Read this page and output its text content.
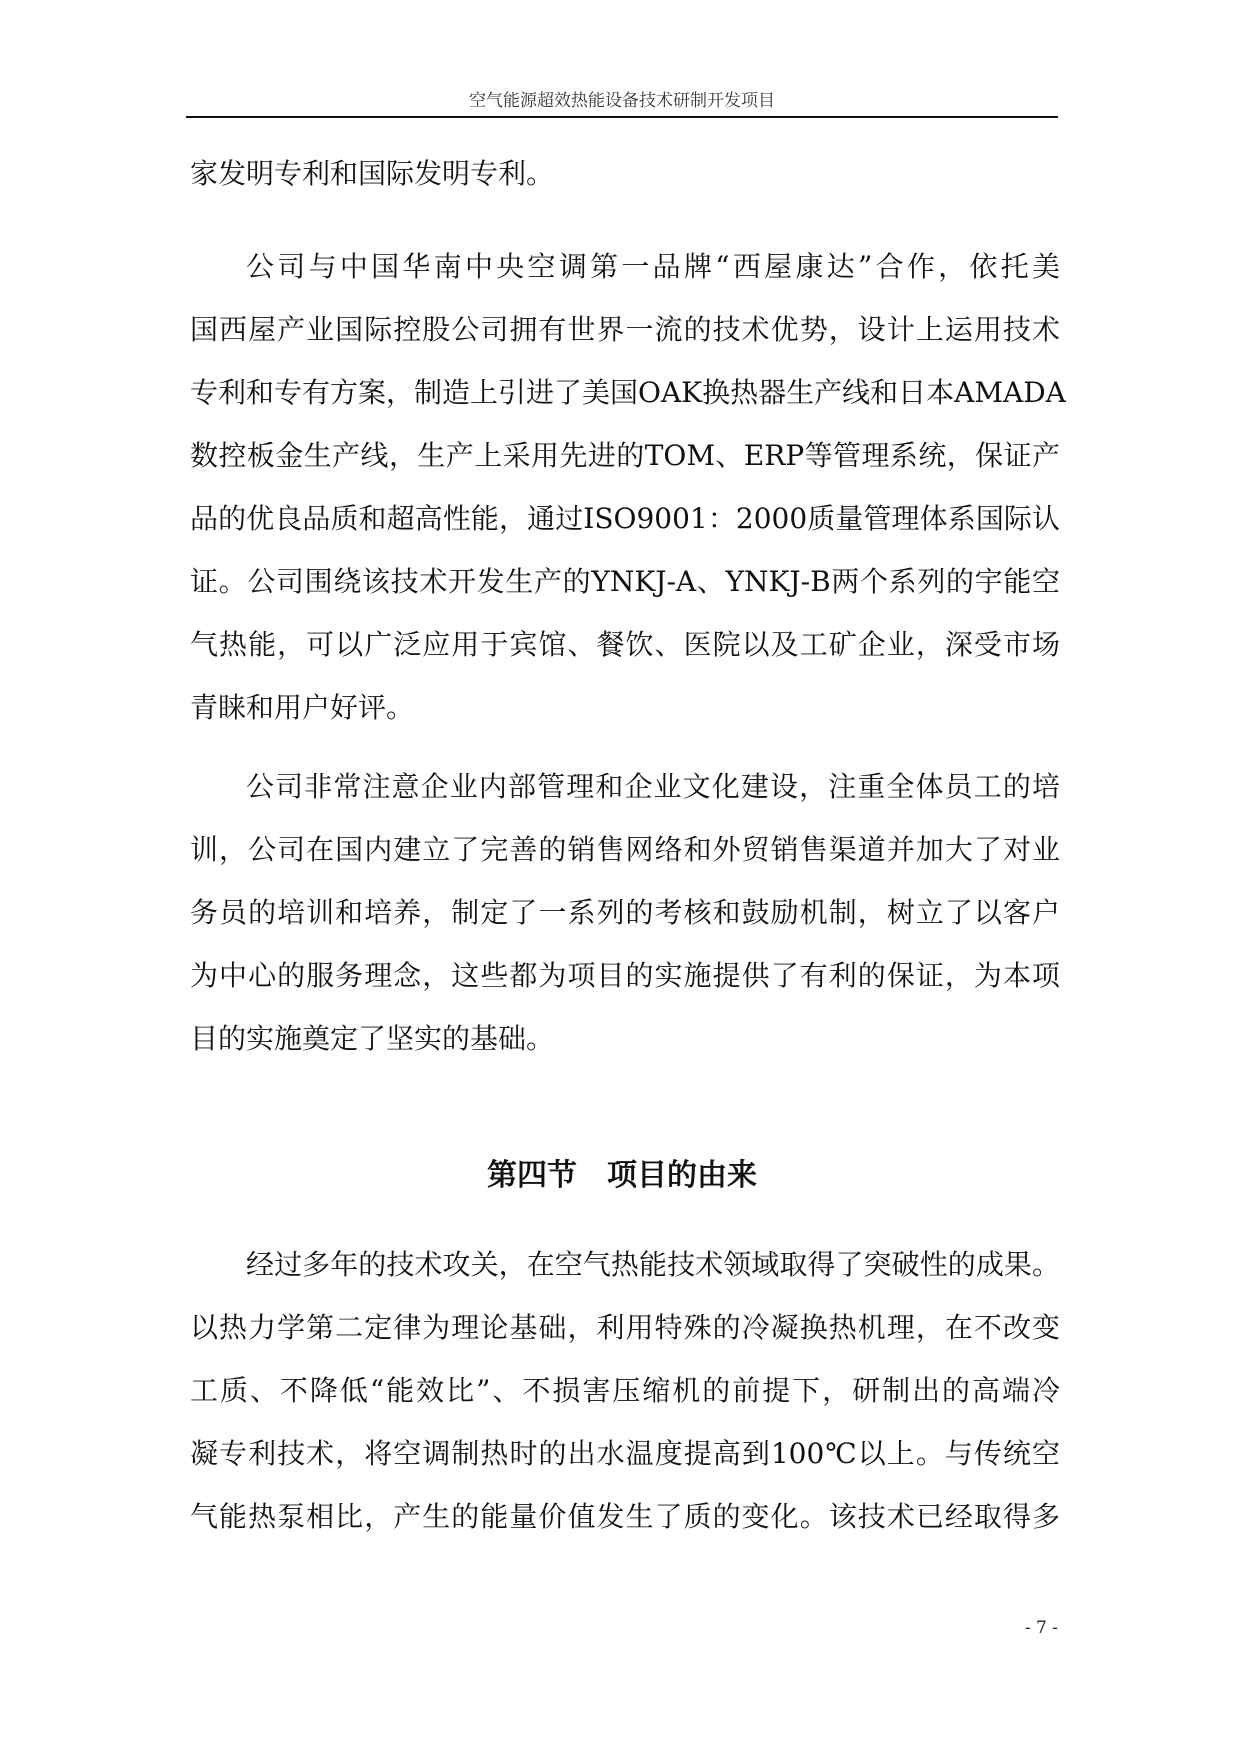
空气能源超效热能设备技术研制开发项目

家发明专利和国际发明专利。

公司与中国华南中央空调第一品牌“西屋康达”合作，依托美

国西屋产业国际控股公司拥有世界一流的技术优势，设计上运用技术

专利和专有方案，制造上引进了美国OAK换热器生产线和日本AMADA

数控板金生产线，生产上采用先进的TOM、ERP等管理系统，保证产

品的优良品质和超高性能，通过ISO9001：2000质量管理体系国际认

证。公司围绕该技术开发生产的YNKJ-A、YNKJ-B两个系列的宇能空

气热能，可以广泛应用于宾馆、餐饮、医院以及工矿企业，深受市场

青睐和用户好评。

公司非常注意企业内部管理和企业文化建设，注重全体员工的培

训，公司在国内建立了完善的销售网络和外贸销售渠道并加大了对业

务员的培训和培养，制定了一系列的考核和鼓励机制，树立了以客户

为中心的服务理念，这些都为项目的实施提供了有利的保证，为本项

目的实施奠定了坚实的基础。

第四节　项目的由来

经过多年的技术攻关，在空气热能技术领域取得了突破性的成果。

以热力学第二定律为理论基础，利用特殊的冷凝换热机理，在不改变

工质、不降低“能效比”、不损害压缩机的前提下，研制出的高端冷

凝专利技术，将空调制热时的出水温度提高到100℃以上。与传统空

气能热泵相比，产生的能量价值发生了质的变化。该技术已经取得多

- 7 -
